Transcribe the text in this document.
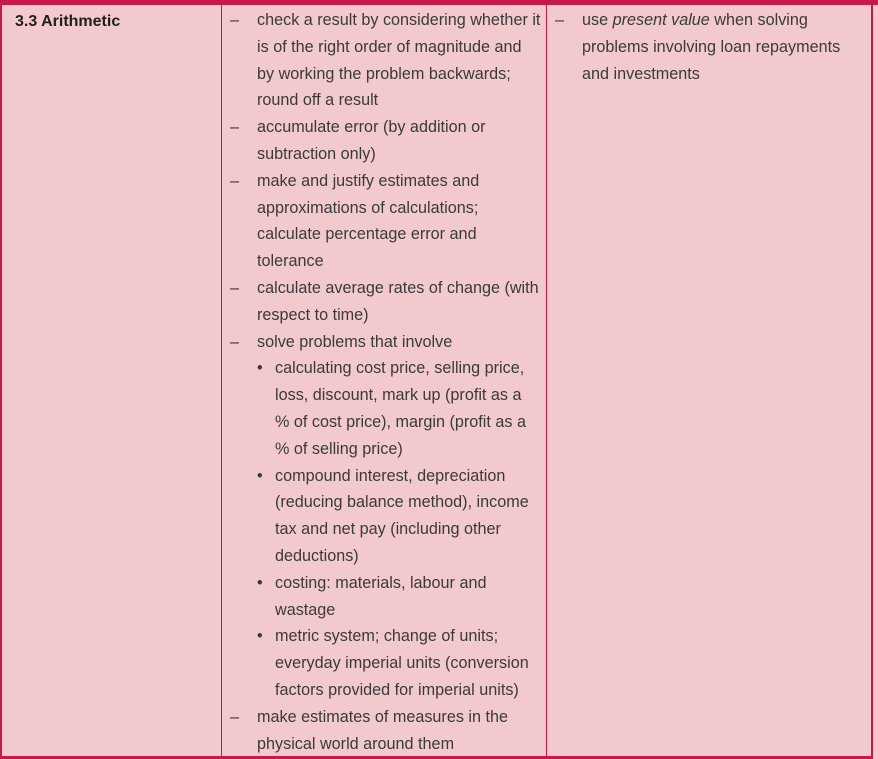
3.3 Arithmetic	– check a result by considering whether it is of the right order of magnitude and by working the problem backwards; round off a result
– accumulate error (by addition or subtraction only)
– make and justify estimates and approximations of calculations; calculate percentage error and tolerance
– calculate average rates of change (with respect to time)
– solve problems that involve
• calculating cost price, selling price, loss, discount, mark up (profit as a % of cost price), margin (profit as a % of selling price)
• compound interest, depreciation (reducing balance method), income tax and net pay (including other deductions)
• costing: materials, labour and wastage
• metric system; change of units; everyday imperial units (conversion factors provided for imperial units)
– make estimates of measures in the physical world around them
– use present value when solving problems involving loan repayments and investments
